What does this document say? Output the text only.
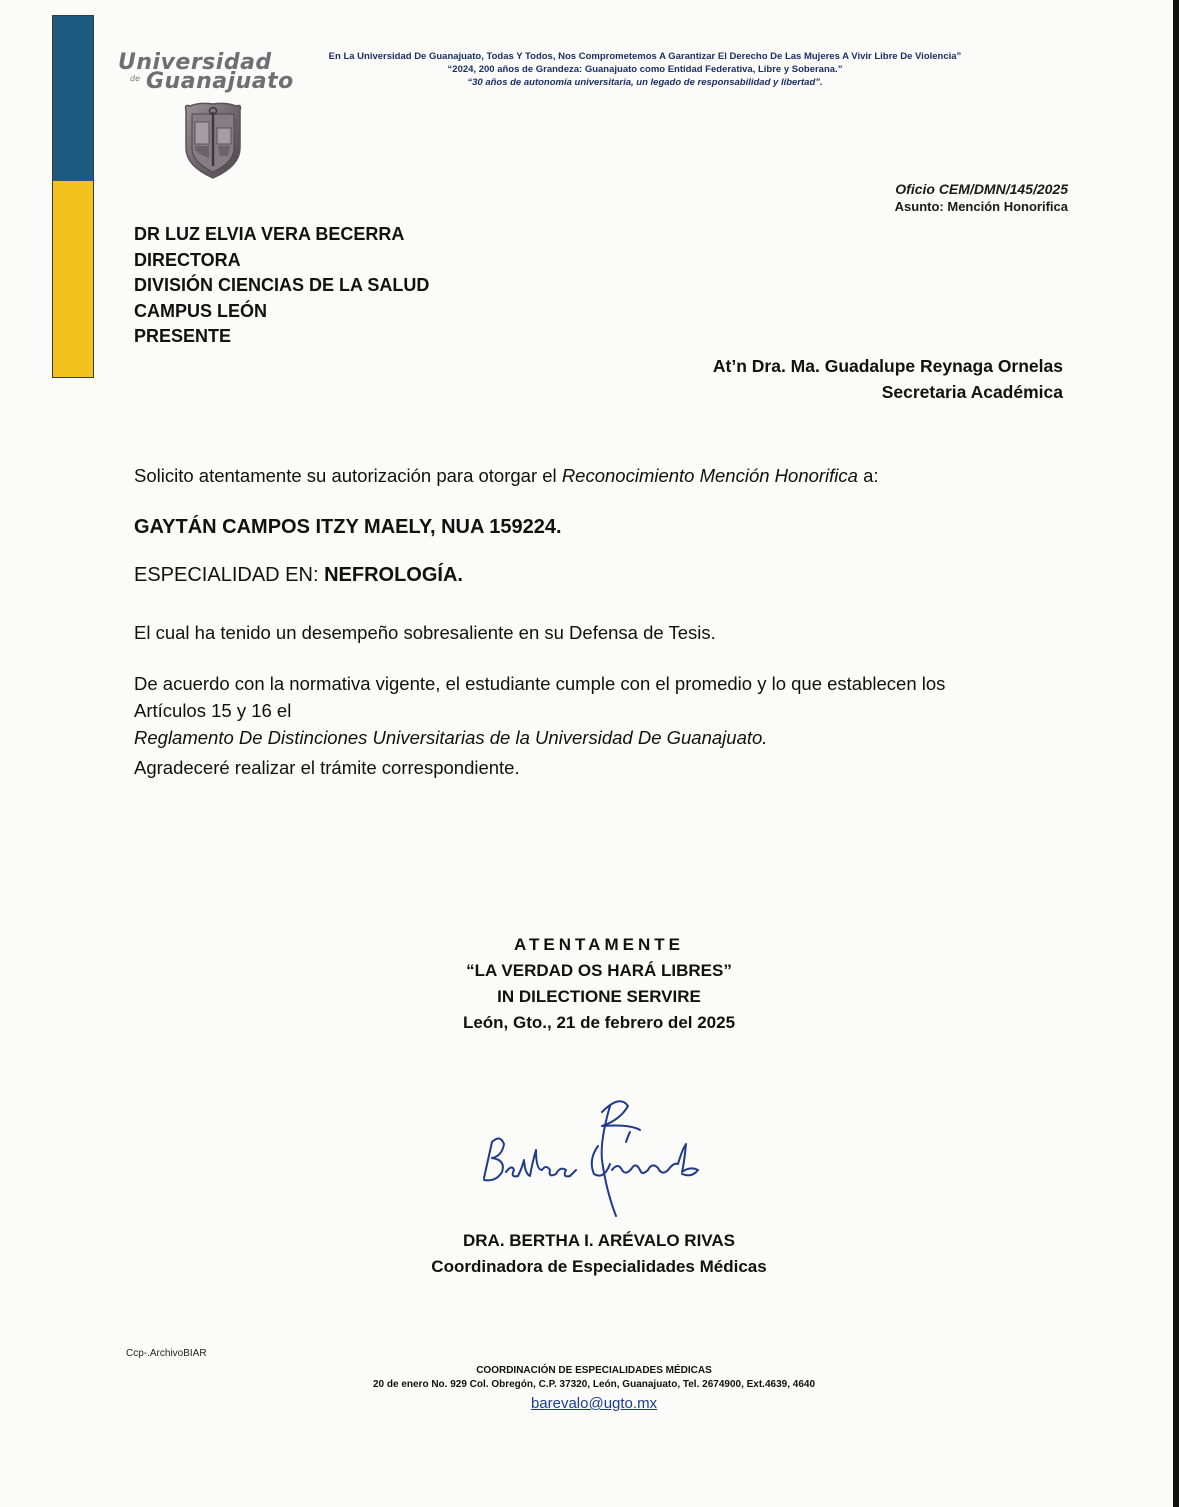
Universidad
de Guanajuato
En La Universidad De Guanajuato, Todas Y Todos, Nos Comprometemos A Garantizar El Derecho De Las Mujeres A Vivir Libre De Violencia”
“2024, 200 años de Grandeza: Guanajuato como Entidad Federativa, Libre y Soberana.”
“30 años de autonomía universitaria, un legado de responsabilidad y libertad”.
Oficio CEM/DMN/145/2025
Asunto: Mención Honorifica
DR LUZ ELVIA VERA BECERRA
DIRECTORA
DIVISIÓN CIENCIAS DE LA SALUD
CAMPUS LEÓN
PRESENTE
At’n Dra. Ma. Guadalupe Reynaga Ornelas
Secretaria Académica
Solicito atentamente su autorización para otorgar el Reconocimiento Mención Honorifica a:
GAYTÁN CAMPOS ITZY MAELY, NUA 159224.
ESPECIALIDAD EN: NEFROLOGÍA.
El cual ha tenido un desempeño sobresaliente en su Defensa de Tesis.
De acuerdo con la normativa vigente, el estudiante cumple con el promedio y lo que establecen los
Artículos 15 y 16 el
Reglamento De Distinciones Universitarias de la Universidad De Guanajuato.
Agradeceré realizar el trámite correspondiente.
ATENTAMENTE
“LA VERDAD OS HARÁ LIBRES”
IN DILECTIONE SERVIRE
León, Gto., 21 de febrero del 2025
DRA. BERTHA I. ARÉVALO RIVAS
Coordinadora de Especialidades Médicas
Ccp-.ArchivoBIAR
COORDINACIÓN DE ESPECIALIDADES MÉDICAS
20 de enero No. 929 Col. Obregón, C.P. 37320, León, Guanajuato, Tel. 2674900, Ext.4639, 4640
barevalo@ugto.mx
